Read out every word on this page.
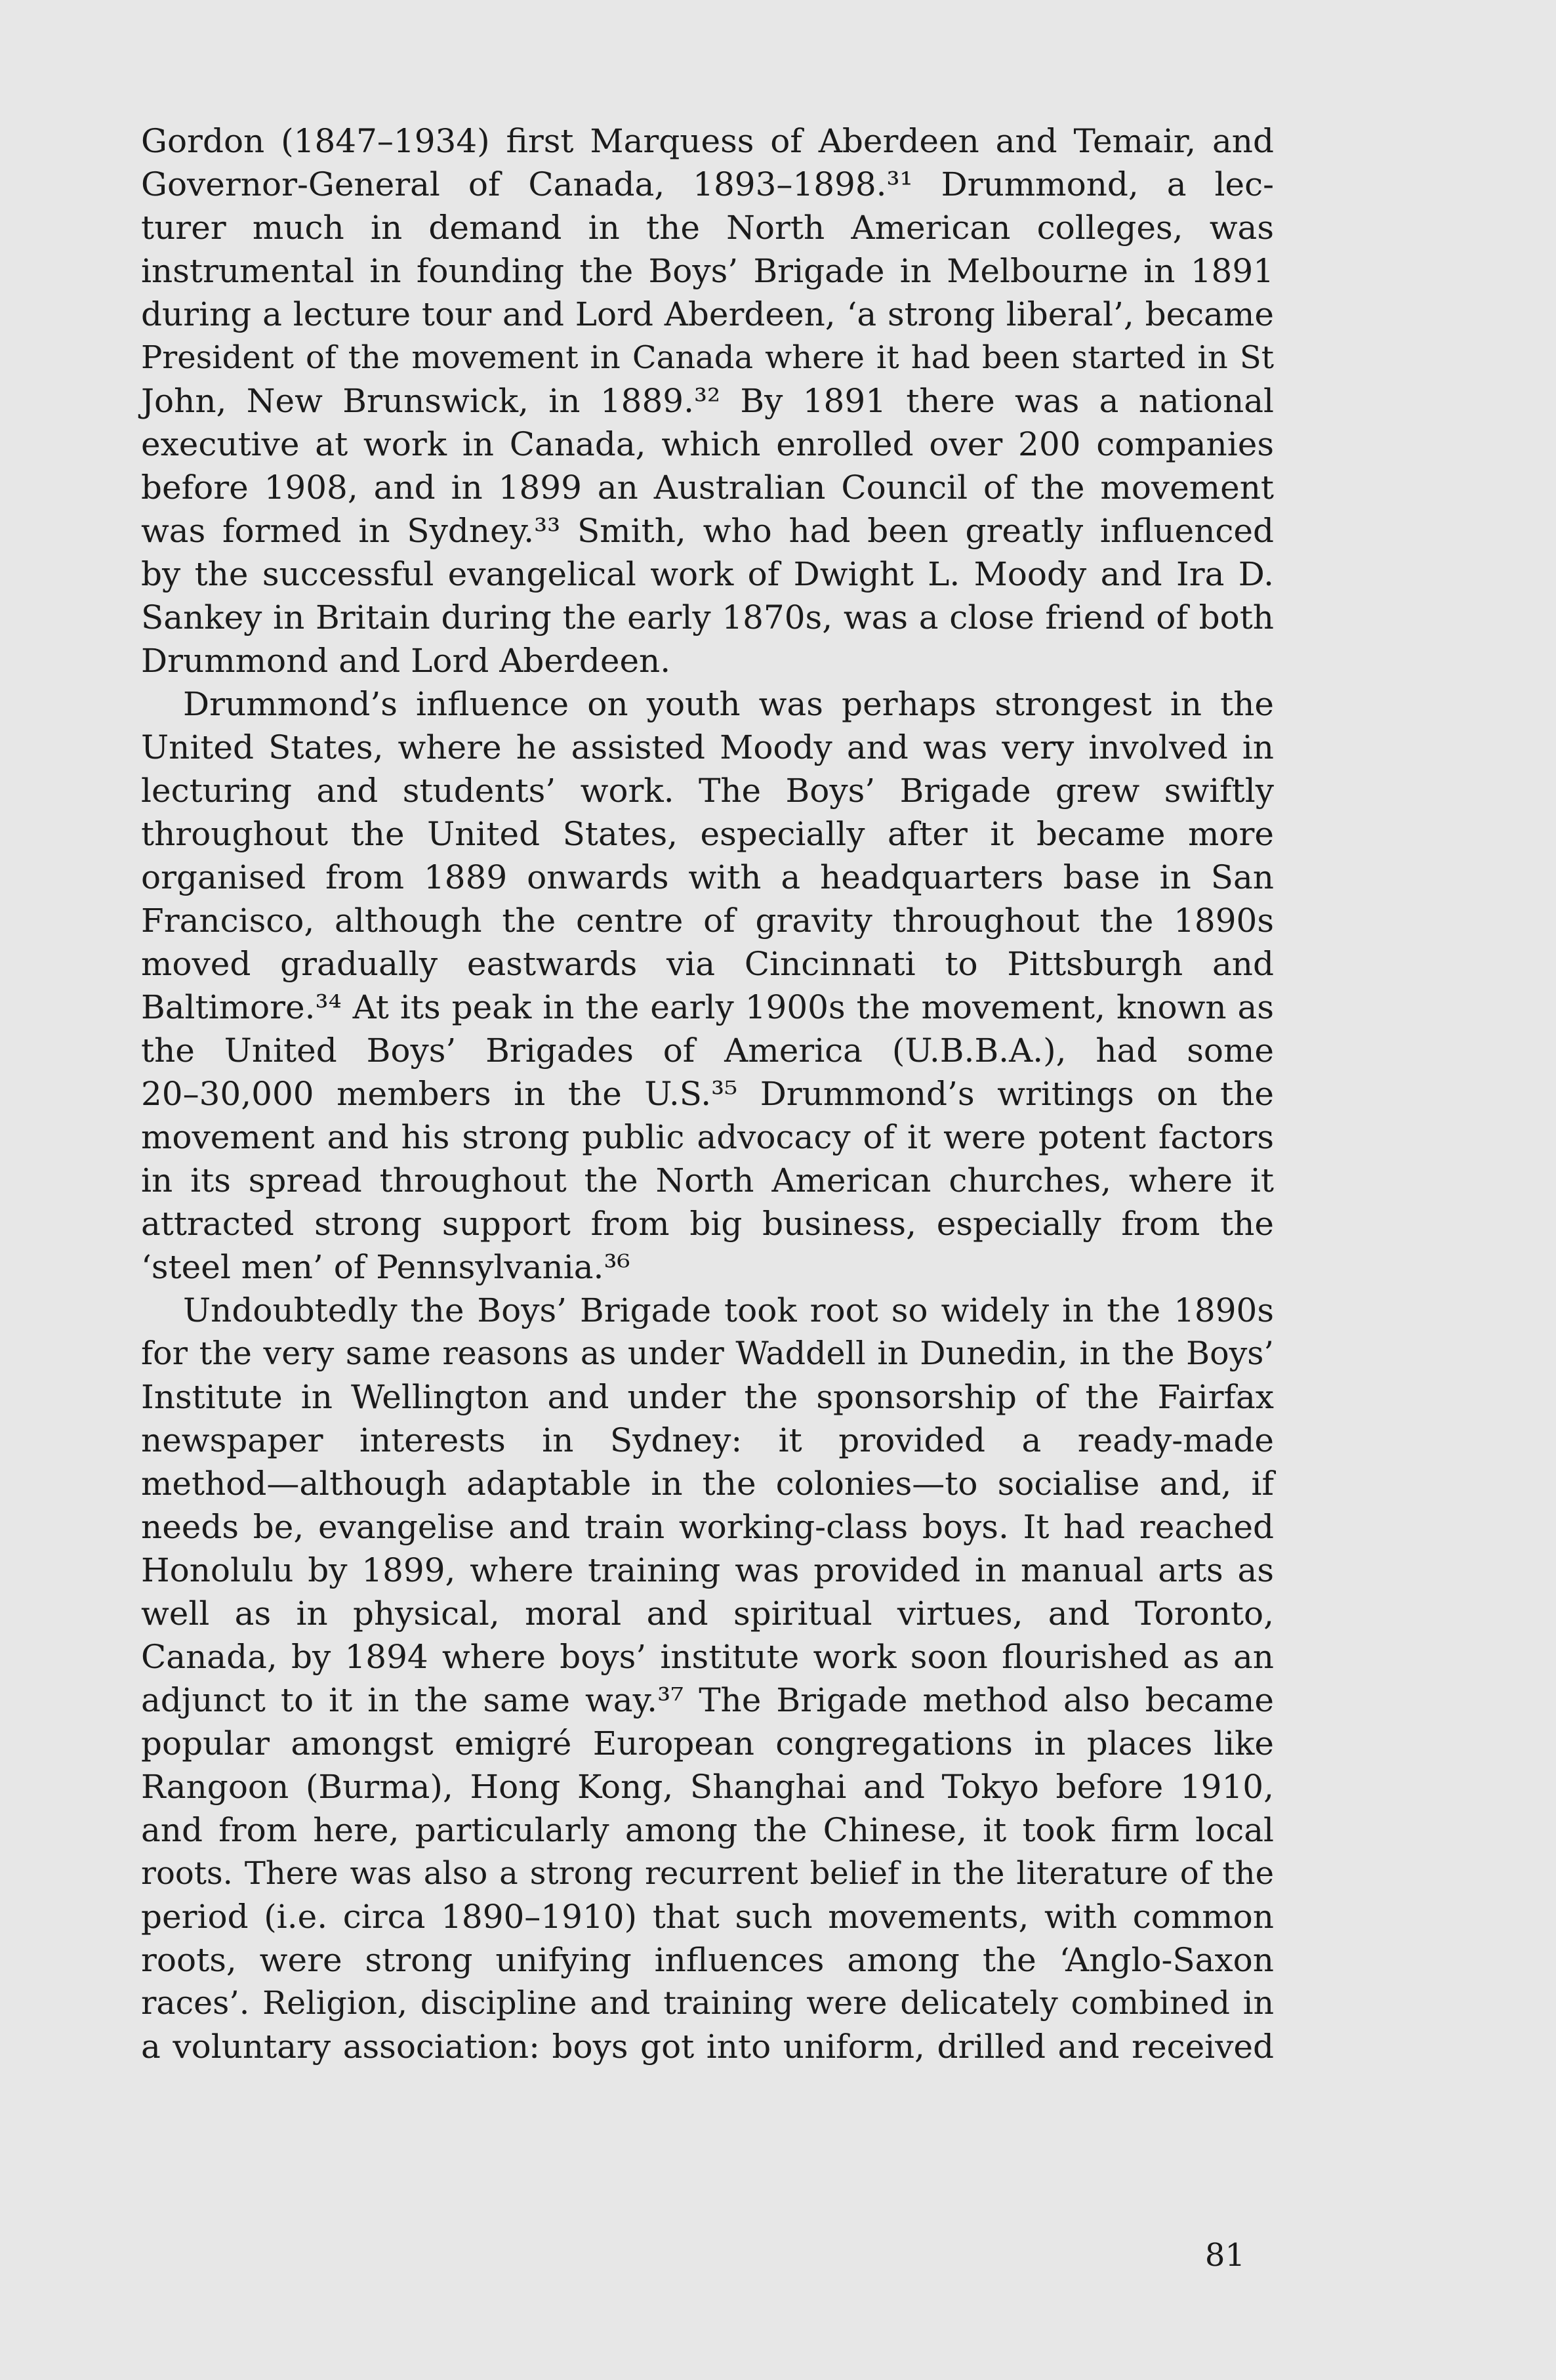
Gordon (1847–1934) first Marquess of Aberdeen and Temair, and
Governor-General of Canada, 1893–1898.³¹ Drummond, a lec-
turer much in demand in the North American colleges, was
instrumental in founding the Boys’ Brigade in Melbourne in 1891
during a lecture tour and Lord Aberdeen, ‘a strong liberal’, became
President of the movement in Canada where it had been started in St
John, New Brunswick, in 1889.³² By 1891 there was a national
executive at work in Canada, which enrolled over 200 companies
before 1908, and in 1899 an Australian Council of the movement
was formed in Sydney.³³ Smith, who had been greatly influenced
by the successful evangelical work of Dwight L. Moody and Ira D.
Sankey in Britain during the early 1870s, was a close friend of both
Drummond and Lord Aberdeen.
Drummond’s influence on youth was perhaps strongest in the
United States, where he assisted Moody and was very involved in
lecturing and students’ work. The Boys’ Brigade grew swiftly
throughout the United States, especially after it became more
organised from 1889 onwards with a headquarters base in San
Francisco, although the centre of gravity throughout the 1890s
moved gradually eastwards via Cincinnati to Pittsburgh and
Baltimore.³⁴ At its peak in the early 1900s the movement, known as
the United Boys’ Brigades of America (U.B.B.A.), had some
20–30,000 members in the U.S.³⁵ Drummond’s writings on the
movement and his strong public advocacy of it were potent factors
in its spread throughout the North American churches, where it
attracted strong support from big business, especially from the
‘steel men’ of Pennsylvania.³⁶
Undoubtedly the Boys’ Brigade took root so widely in the 1890s
for the very same reasons as under Waddell in Dunedin, in the Boys’
Institute in Wellington and under the sponsorship of the Fairfax
newspaper interests in Sydney: it provided a ready-made
method—although adaptable in the colonies—to socialise and, if
needs be, evangelise and train working-class boys. It had reached
Honolulu by 1899, where training was provided in manual arts as
well as in physical, moral and spiritual virtues, and Toronto,
Canada, by 1894 where boys’ institute work soon flourished as an
adjunct to it in the same way.³⁷ The Brigade method also became
popular amongst emigré European congregations in places like
Rangoon (Burma), Hong Kong, Shanghai and Tokyo before 1910,
and from here, particularly among the Chinese, it took firm local
roots. There was also a strong recurrent belief in the literature of the
period (i.e. circa 1890–1910) that such movements, with common
roots, were strong unifying influences among the ‘Anglo-Saxon
races’. Religion, discipline and training were delicately combined in
a voluntary association: boys got into uniform, drilled and received
81
